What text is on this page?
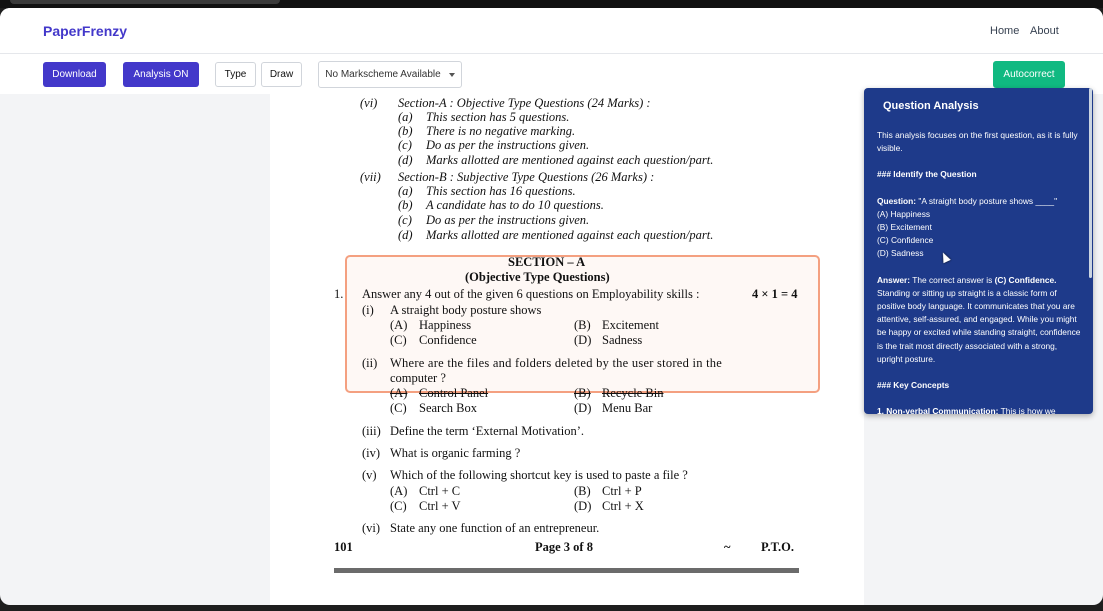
PaperFrenzy	Home About
Download	Analysis ON	Type	Draw	No Markscheme Available	Autocorrect
(vi) Section-A : Objective Type Questions (24 Marks) :
(a) This section has 5 questions.
(b) There is no negative marking.
(c) Do as per the instructions given.
(d) Marks allotted are mentioned against each question/part.
(vii) Section-B : Subjective Type Questions (26 Marks) :
(a) This section has 16 questions.
(b) A candidate has to do 10 questions.
(c) Do as per the instructions given.
(d) Marks allotted are mentioned against each question/part.
SECTION – A
(Objective Type Questions)
1. Answer any 4 out of the given 6 questions on Employability skills :	4 × 1 = 4
(i) A straight body posture shows
(A) Happiness	(B) Excitement
(C) Confidence	(D) Sadness
(ii) Where are the files and folders deleted by the user stored in the
computer ?
(A) Control Panel	(B) Recycle Bin
(C) Search Box	(D) Menu Bar
(iii) Define the term ‘External Motivation’.
(iv) What is organic farming ?
(v) Which of the following shortcut key is used to paste a file ?
(A) Ctrl + C	(B) Ctrl + P
(C) Ctrl + V	(D) Ctrl + X
(vi) State any one function of an entrepreneur.
101	Page 3 of 8	~ P.T.O.
Question Analysis

This analysis focuses on the first question, as it is fully visible.

### Identify the Question

Question: "A straight body posture shows ____"
(A) Happiness
(B) Excitement
(C) Confidence
(D) Sadness

Answer: The correct answer is (C) Confidence. Standing or sitting up straight is a classic form of positive body language. It communicates that you are attentive, self-assured, and engaged. While you might be happy or excited while standing straight, confidence is the trait most directly associated with a strong, upright posture.

### Key Concepts

1. Non-verbal Communication: This is how we
